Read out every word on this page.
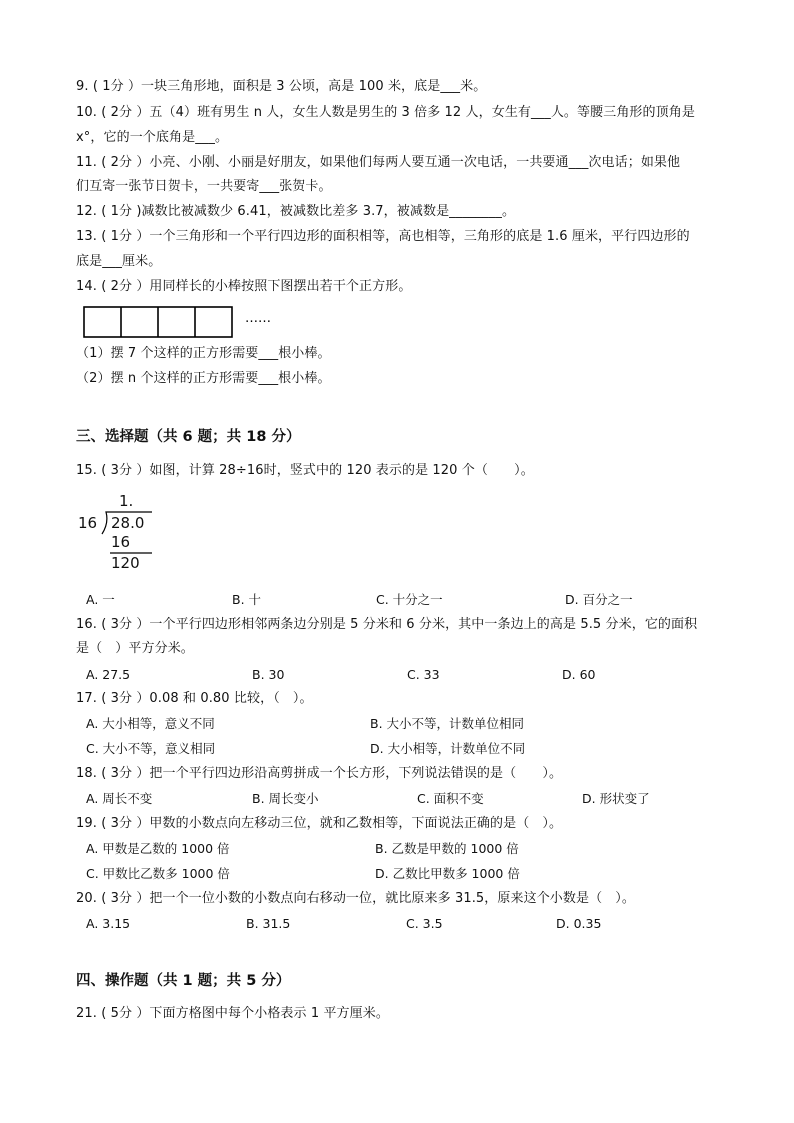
9. ( 1分 ）一块三角形地，面积是 3 公顷，高是 100 米，底是___米。
10. ( 2分 ）五（4）班有男生 n 人，女生人数是男生的 3 倍多 12 人，女生有___人。等腰三角形的顶角是
x°，它的一个底角是___。
11. ( 2分 ）小亮、小刚、小丽是好朋友，如果他们每两人要互通一次电话，一共要通___次电话；如果他
们互寄一张节日贺卡，一共要寄___张贺卡。
12. ( 1分 )减数比被减数少 6.41，被减数比差多 3.7，被减数是________。
13. ( 1分 ）一个三角形和一个平行四边形的面积相等，高也相等，三角形的底是 1.6 厘米，平行四边形的
底是___厘米。
14. ( 2分 ）用同样长的小棒按照下图摆出若干个正方形。
……
（1）摆 7 个这样的正方形需要___根小棒。
（2）摆 n 个这样的正方形需要___根小棒。
三、选择题（共 6 题；共 18 分）
15. ( 3分 ）如图，计算 28÷16时，竖式中的 120 表示的是 120 个（　　）。
1.
16 28.0
16
120
A. 一	B. 十	C. 十分之一	D. 百分之一
16. ( 3分 ）一个平行四边形相邻两条边分别是 5 分米和 6 分米，其中一条边上的高是 5.5 分米，它的面积
是（　）平方分米。
A. 27.5	B. 30	C. 33	D. 60
17. ( 3分 ）0.08 和 0.80 比较，（　）。
A. 大小相等，意义不同	B. 大小不等，计数单位相同
C. 大小不等，意义相同	D. 大小相等，计数单位不同
18. ( 3分 ）把一个平行四边形沿高剪拼成一个长方形，下列说法错误的是（　　）。
A. 周长不变	B. 周长变小	C. 面积不变	D. 形状变了
19. ( 3分 ）甲数的小数点向左移动三位，就和乙数相等，下面说法正确的是（　）。
A. 甲数是乙数的 1000 倍	B. 乙数是甲数的 1000 倍
C. 甲数比乙数多 1000 倍	D. 乙数比甲数多 1000 倍
20. ( 3分 ）把一个一位小数的小数点向右移动一位，就比原来多 31.5，原来这个小数是（　）。
A. 3.15	B. 31.5	C. 3.5	D. 0.35
四、操作题（共 1 题；共 5 分）
21. ( 5分 ）下面方格图中每个小格表示 1 平方厘米。
